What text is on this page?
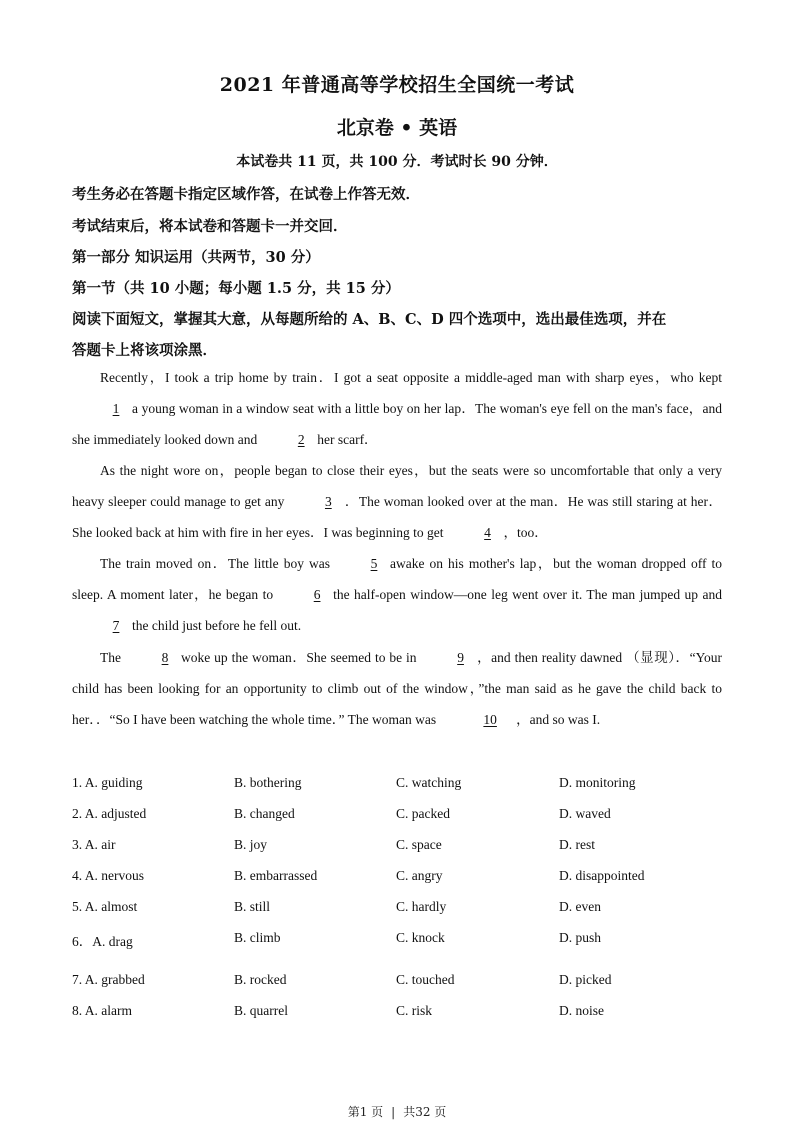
2021 年普通高等学校招生全国统一考试
北京卷 • 英语
本试卷共 11 页，共 100 分．考试时长 90 分钟．
考生务必在答题卡指定区域作答，在试卷上作答无效．
考试结束后，将本试卷和答题卡一并交回．
第一部分 知识运用（共两节，30 分）
第一节（共 10 小题；每小题 1.5 分，共 15 分）
阅读下面短文，掌握其大意，从每题所给的 A、B、C、D 四个选项中，选出最佳选项，并在
答题卡上将该项涂黑．

Recently，I took a trip home by train．I got a seat opposite a middle-aged man with sharp eyes，who kept1 a young woman in a window seat with a little boy on her lap．The woman's eye fell on the man's face，and she immediately looked down and	2 her scarf．

As the night wore on，people began to close their eyes，but the seats were so uncomfortable that only a very heavy sleeper could manage to get any	3 ．The woman looked over at the man．He was still staring at her．She looked back at him with fire in her eyes．I was beginning to get	4 ，too．

The train moved on．The little boy was	5 awake on his mother's lap，but the woman dropped off to sleep. A moment later，he began to	6 the half-open window—one leg went over it. The man jumped up and7 the child just before he fell out.

The	8 woke up the woman．She seemed to be in	9 ，and then reality dawned （显现）．“Your child has been looking for an opportunity to climb out of the window，”the man said as he gave the child back to her．．“So I have been watching the whole time．” The woman was	10 ，and so was I.

1. A. guiding	B. bothering	C. watching	D. monitoring
2. A. adjusted	B. changed	C. packed	D. waved
3. A. air	B. joy	C. space	D. rest
4. A. nervous	B. embarrassed	C. angry	D. disappointed
5. A. almost	B. still	C. hardly	D. even
6．A. drag	B. climb	C. knock	D. push
7. A. grabbed	B. rocked	C. touched	D. picked
8. A. alarm	B. quarrel	C. risk	D. noise
第1 页 | 共32 页
